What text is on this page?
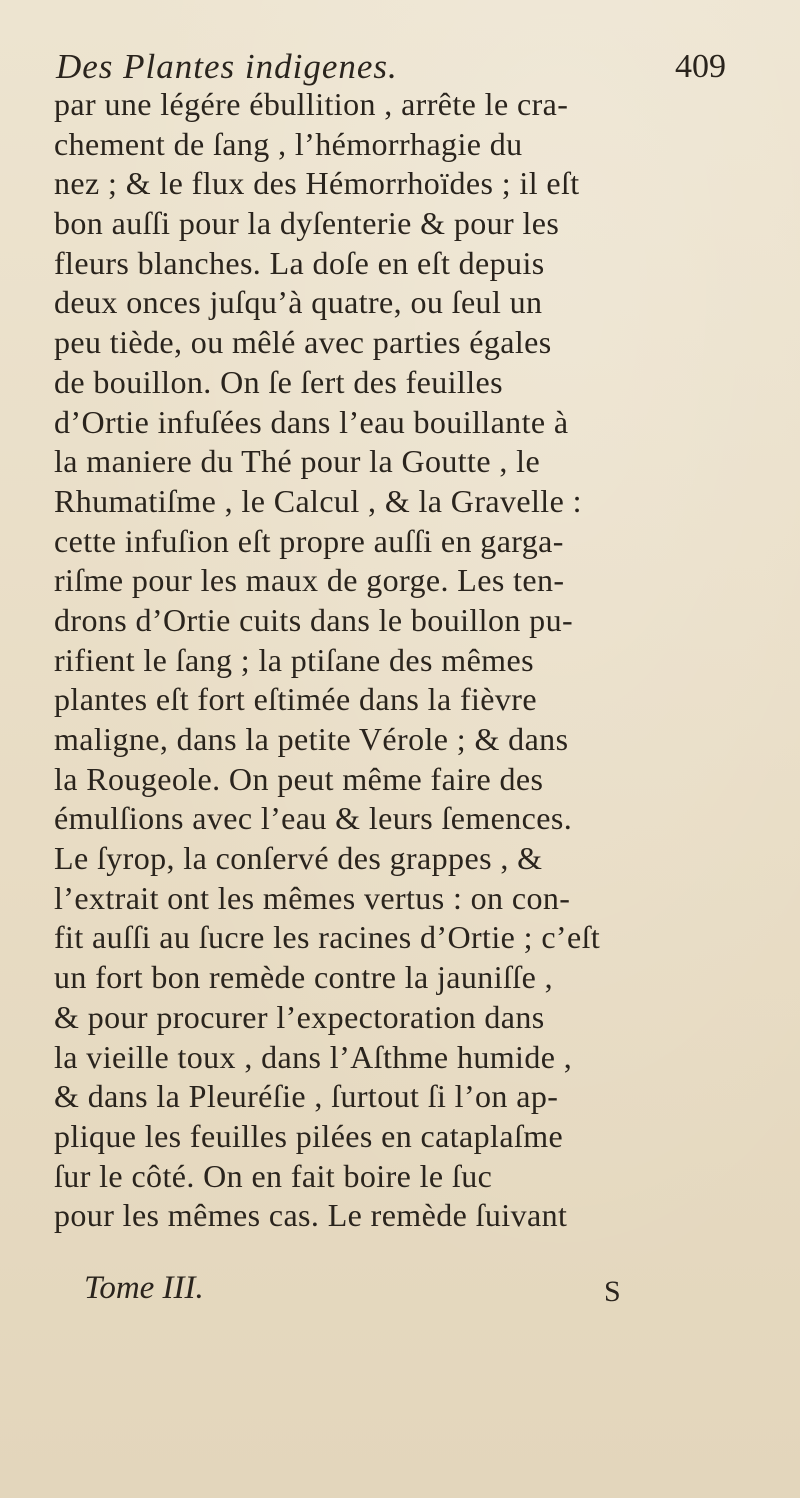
Des Plantes indigenes.	409
par une légére ébullition , arrête le cra-
chement de ſang , l’hémorrhagie du
nez ; & le flux des Hémorrhoïdes ; il eſt
bon auſſi pour la dyſenterie & pour les
fleurs blanches. La doſe en eſt depuis
deux onces juſqu’à quatre, ou ſeul un
peu tiède, ou mêlé avec parties égales
de bouillon. On ſe ſert des feuilles
d’Ortie infuſées dans l’eau bouillante à
la maniere du Thé pour la Goutte , le
Rhumatiſme , le Calcul , & la Gravelle :
cette infuſion eſt propre auſſi en garga-
riſme pour les maux de gorge. Les ten-
drons d’Ortie cuits dans le bouillon pu-
rifient le ſang ; la ptiſane des mêmes
plantes eſt fort eſtimée dans la fièvre
maligne, dans la petite Vérole ; & dans
la Rougeole. On peut même faire des
émulſions avec l’eau & leurs ſemences.
Le ſyrop, la conſervé des grappes , &
l’extrait ont les mêmes vertus : on con-
fit auſſi au ſucre les racines d’Ortie ; c’eſt
un fort bon remède contre la jauniſſe ,
& pour procurer l’expectoration dans
la vieille toux , dans l’Aſthme humide ,
& dans la Pleuréſie , ſurtout ſi l’on ap-
plique les feuilles pilées en cataplaſme
ſur le côté. On en fait boire le ſuc
pour les mêmes cas. Le remède ſuivant
Tome III.	S
